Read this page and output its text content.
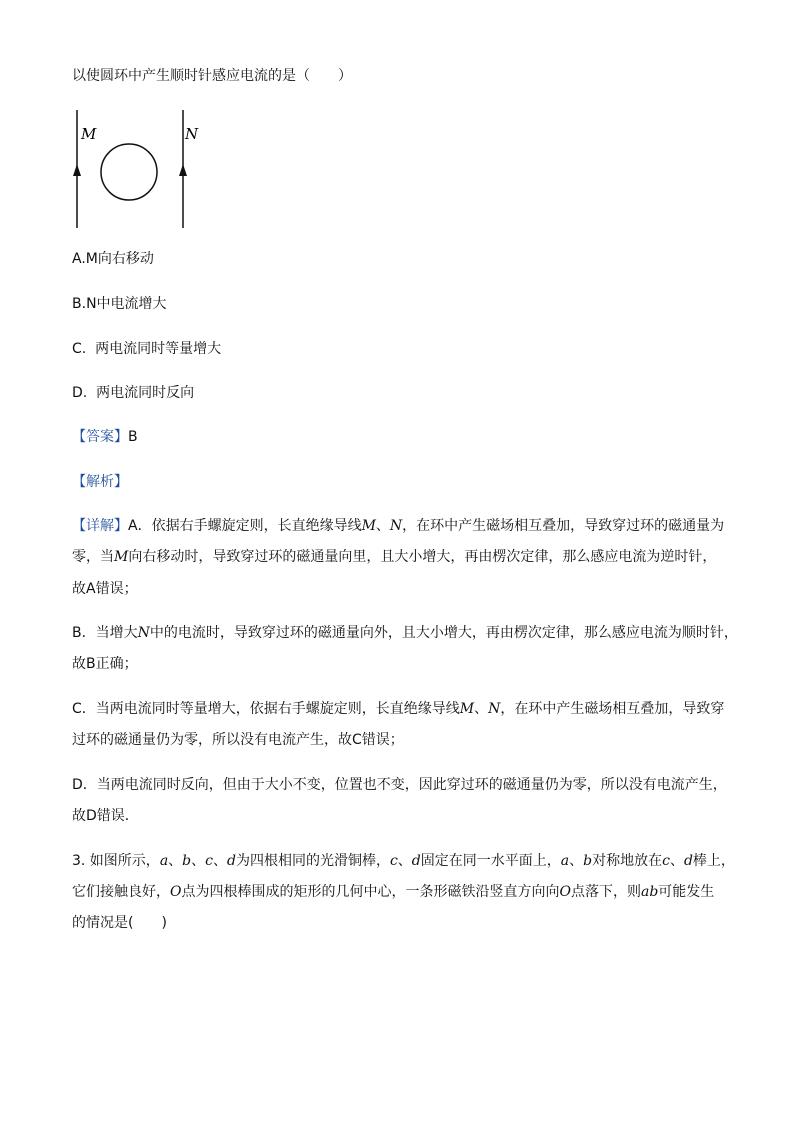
以使圆环中产生顺时针感应电流的是（　　）
M	N
A.M向右移动
B.N中电流增大
C. 两电流同时等量增大
D. 两电流同时反向
【答案】B
【解析】
【详解】A．依据右手螺旋定则，长直绝缘导线M、N，在环中产生磁场相互叠加，导致穿过环的磁通量为
零，当M向右移动时，导致穿过环的磁通量向里，且大小增大，再由楞次定律，那么感应电流为逆时针，
故A错误；
B．当增大N中的电流时，导致穿过环的磁通量向外，且大小增大，再由楞次定律，那么感应电流为顺时针，
故B正确；
C．当两电流同时等量增大，依据右手螺旋定则，长直绝缘导线M、N，在环中产生磁场相互叠加，导致穿
过环的磁通量仍为零，所以没有电流产生，故C错误；
D．当两电流同时反向，但由于大小不变，位置也不变，因此穿过环的磁通量仍为零，所以没有电流产生，
故D错误．
3. 如图所示，a、b、c、d为四根相同的光滑铜棒，c、d固定在同一水平面上，a、b对称地放在c、d棒上，
它们接触良好，O点为四根棒围成的矩形的几何中心，一条形磁铁沿竖直方向向O点落下，则ab可能发生
的情况是(　　)
